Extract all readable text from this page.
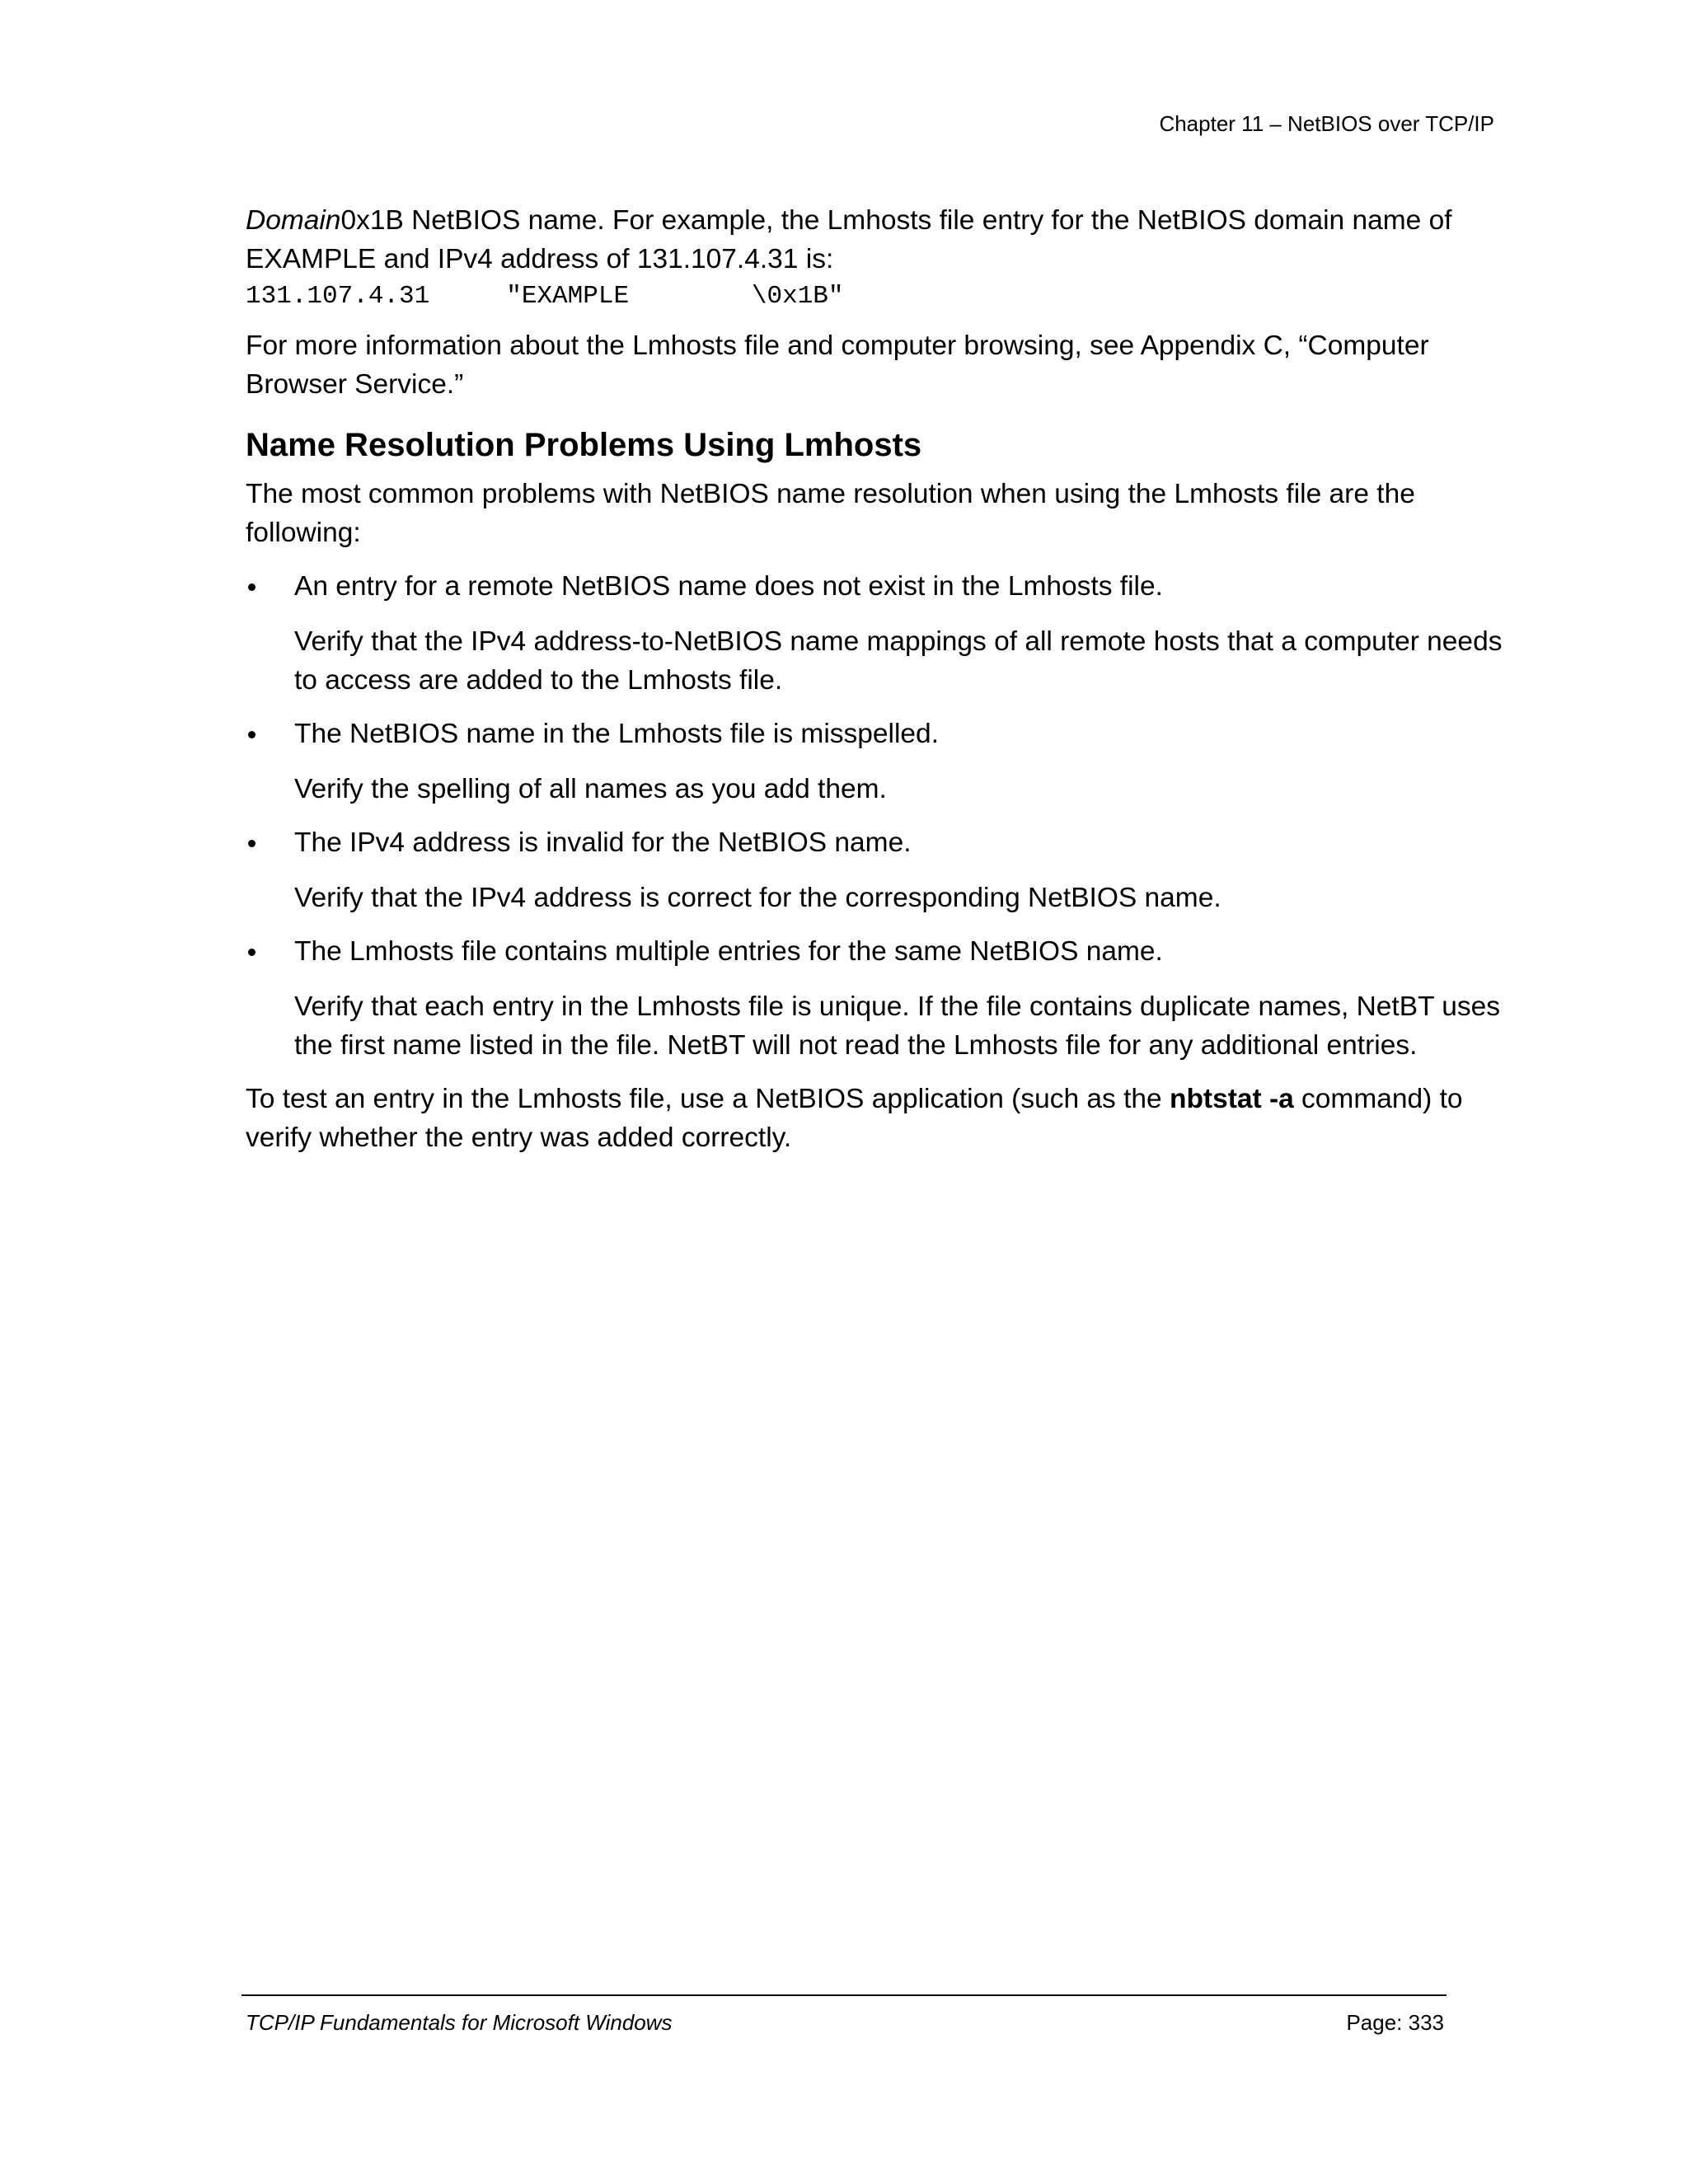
Chapter 11 – NetBIOS over TCP/IP

Domain0x1B NetBIOS name. For example, the Lmhosts file entry for the NetBIOS domain name of EXAMPLE and IPv4 address of 131.107.4.31 is:

131.107.4.31     "EXAMPLE        \0x1B"

For more information about the Lmhosts file and computer browsing, see Appendix C, “Computer Browser Service.”

Name Resolution Problems Using Lmhosts

The most common problems with NetBIOS name resolution when using the Lmhosts file are the following:

An entry for a remote NetBIOS name does not exist in the Lmhosts file.
Verify that the IPv4 address-to-NetBIOS name mappings of all remote hosts that a computer needs to access are added to the Lmhosts file.
The NetBIOS name in the Lmhosts file is misspelled.
Verify the spelling of all names as you add them.
The IPv4 address is invalid for the NetBIOS name.
Verify that the IPv4 address is correct for the corresponding NetBIOS name.
The Lmhosts file contains multiple entries for the same NetBIOS name.
Verify that each entry in the Lmhosts file is unique. If the file contains duplicate names, NetBT uses the first name listed in the file. NetBT will not read the Lmhosts file for any additional entries.

To test an entry in the Lmhosts file, use a NetBIOS application (such as the nbtstat -a command) to verify whether the entry was added correctly.

TCP/IP Fundamentals for Microsoft Windows	Page: 333
